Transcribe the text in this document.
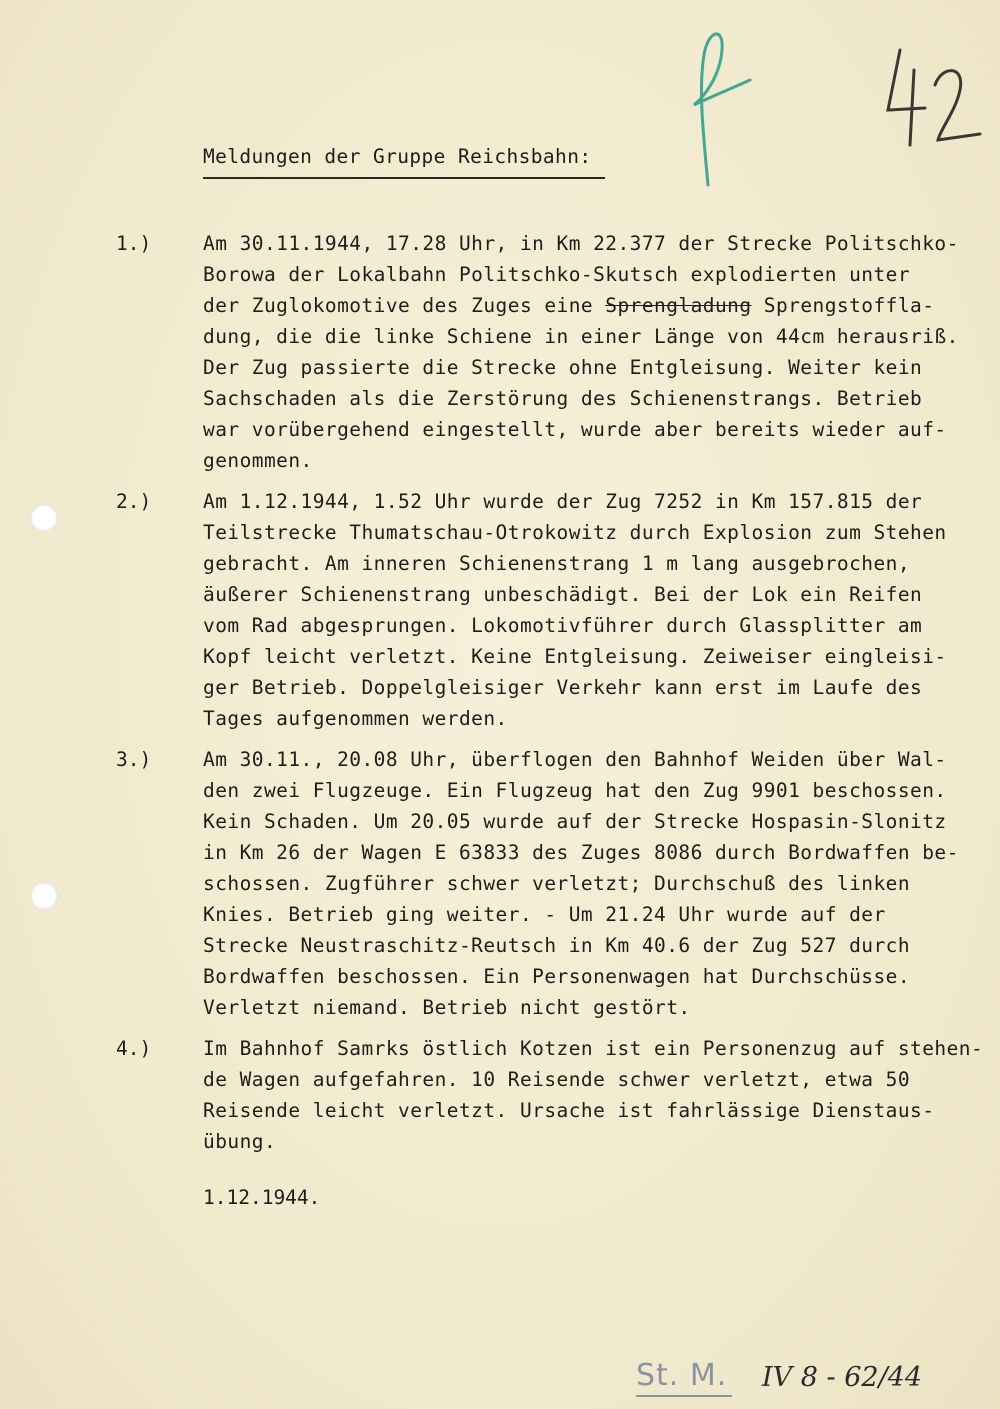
Meldungen der Gruppe Reichsbahn:
1.)	Am 30.11.1944, 17.28 Uhr, in Km 22.377 der Strecke Politschko-
Borowa der Lokalbahn Politschko-Skutsch explodierten unter
der Zuglokomotive des Zuges eine Sprengladung Sprengstoffla-
dung, die die linke Schiene in einer Länge von 44cm herausriß.
Der Zug passierte die Strecke ohne Entgleisung. Weiter kein
Sachschaden als die Zerstörung des Schienenstrangs. Betrieb
war vorübergehend eingestellt, wurde aber bereits wieder auf-
genommen.
2.)	Am 1.12.1944, 1.52 Uhr wurde der Zug 7252 in Km 157.815 der
Teilstrecke Thumatschau-Otrokowitz durch Explosion zum Stehen
gebracht. Am inneren Schienenstrang 1 m lang ausgebrochen,
äußerer Schienenstrang unbeschädigt. Bei der Lok ein Reifen
vom Rad abgesprungen. Lokomotivführer durch Glassplitter am
Kopf leicht verletzt. Keine Entgleisung. Zeiweiser eingleisi-
ger Betrieb. Doppelgleisiger Verkehr kann erst im Laufe des
Tages aufgenommen werden.
3.)	Am 30.11., 20.08 Uhr, überflogen den Bahnhof Weiden über Wal-
den zwei Flugzeuge. Ein Flugzeug hat den Zug 9901 beschossen.
Kein Schaden. Um 20.05 wurde auf der Strecke Hospasin-Slonitz
in Km 26 der Wagen E 63833 des Zuges 8086 durch Bordwaffen be-
schossen. Zugführer schwer verletzt; Durchschuß des linken
Knies. Betrieb ging weiter. - Um 21.24 Uhr wurde auf der
Strecke Neustraschitz-Reutsch in Km 40.6 der Zug 527 durch
Bordwaffen beschossen. Ein Personenwagen hat Durchschüsse.
Verletzt niemand. Betrieb nicht gestört.
4.)	Im Bahnhof Samrks östlich Kotzen ist ein Personenzug auf stehen-
de Wagen aufgefahren. 10 Reisende schwer verletzt, etwa 50
Reisende leicht verletzt. Ursache ist fahrlässige Dienstaus-
übung.
1.12.1944.
St. M. IV 8 - 62/44
